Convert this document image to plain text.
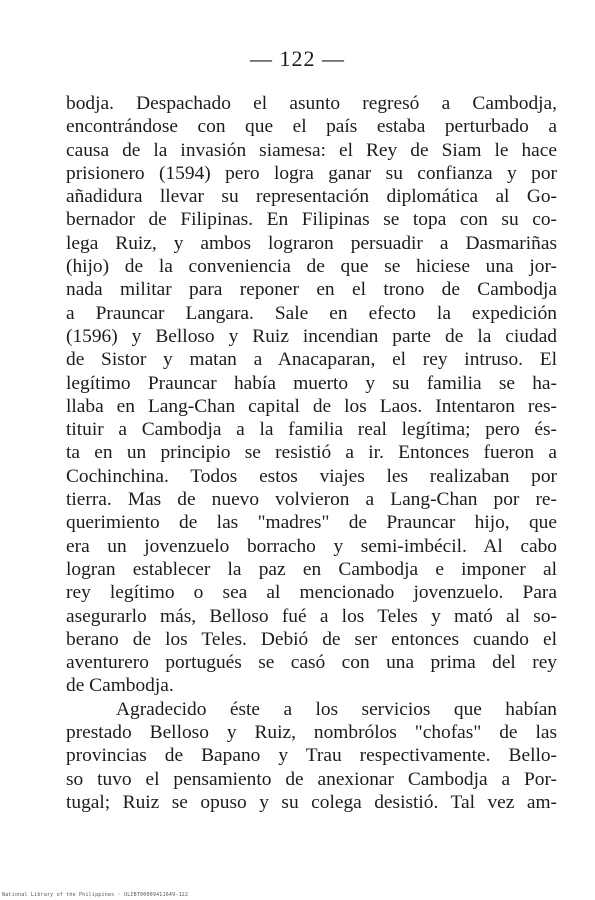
— 122 —
bodja. Despachado el asunto regresó a Cambodja,
encontrándose con que el país estaba perturbado a
causa de la invasión siamesa: el Rey de Siam le hace
prisionero (1594) pero logra ganar su confianza y por
añadidura llevar su representación diplomática al Go-
bernador de Filipinas. En Filipinas se topa con su co-
lega Ruiz, y ambos lograron persuadir a Dasmariñas
(hijo) de la conveniencia de que se hiciese una jor-
nada militar para reponer en el trono de Cambodja
a Prauncar Langara. Sale en efecto la expedición
(1596) y Belloso y Ruiz incendian parte de la ciudad
de Sistor y matan a Anacaparan, el rey intruso. El
legítimo Prauncar había muerto y su familia se ha-
llaba en Lang-Chan capital de los Laos. Intentaron res-
tituir a Cambodja a la familia real legítima; pero és-
ta en un principio se resistió a ir. Entonces fueron a
Cochinchina. Todos estos viajes les realizaban por
tierra. Mas de nuevo volvieron a Lang-Chan por re-
querimiento de las "madres" de Prauncar hijo, que
era un jovenzuelo borracho y semi-imbécil. Al cabo
logran establecer la paz en Cambodja e imponer al
rey legítimo o sea al mencionado jovenzuelo. Para
asegurarlo más, Belloso fué a los Teles y mató al so-
berano de los Teles. Debió de ser entonces cuando el
aventurero portugués se casó con una prima del rey
de Cambodja.
Agradecido éste a los servicios que habían
prestado Belloso y Ruiz, nombrólos "chofas" de las
provincias de Bapano y Trau respectivamente. Bello-
so tuvo el pensamiento de anexionar Cambodja a Por-
tugal; Ruiz se opuso y su colega desistió. Tal vez am-
National Library of the Philippines · ULIBT00009411649-122
